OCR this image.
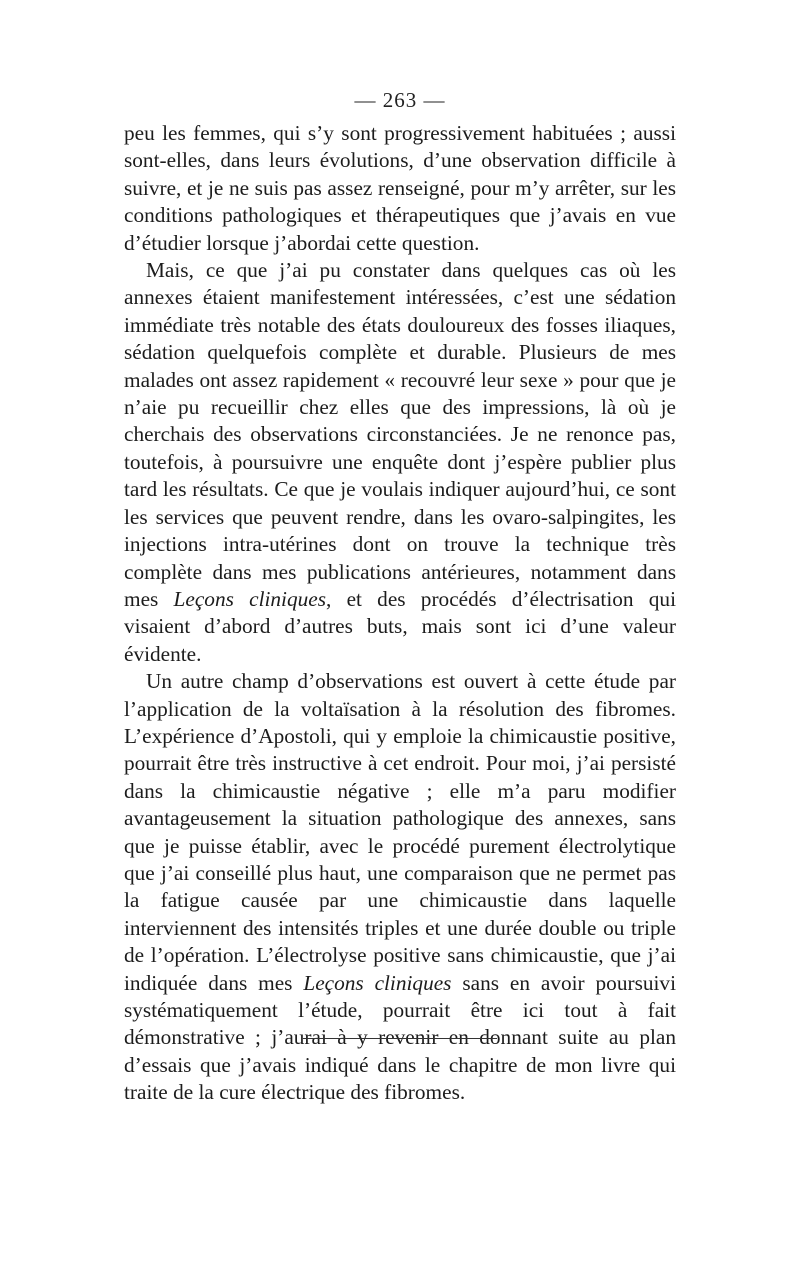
— 263 —

peu les femmes, qui s’y sont progressivement habituées ; aussi sont-elles, dans leurs évolutions, d’une observation difficile à suivre, et je ne suis pas assez renseigné, pour m’y arrêter, sur les conditions pathologiques et thérapeutiques que j’avais en vue d’étudier lorsque j’abordai cette question.

Mais, ce que j’ai pu constater dans quelques cas où les annexes étaient manifestement intéressées, c’est une sédation immédiate très notable des états douloureux des fosses iliaques, sédation quelquefois complète et durable. Plusieurs de mes malades ont assez rapidement « recouvré leur sexe » pour que je n’aie pu recueillir chez elles que des impressions, là où je cherchais des observations circonstanciées. Je ne renonce pas, toutefois, à poursuivre une enquête dont j’espère publier plus tard les résultats. Ce que je voulais indiquer aujourd’hui, ce sont les services que peuvent rendre, dans les ovaro-salpingites, les injections intra-utérines dont on trouve la technique très complète dans mes publications antérieures, notamment dans mes Leçons cliniques, et des procédés d’électrisation qui visaient d’abord d’autres buts, mais sont ici d’une valeur évidente.

Un autre champ d’observations est ouvert à cette étude par l’application de la voltaïsation à la résolution des fibromes. L’expérience d’Apostoli, qui y emploie la chimicaustie positive, pourrait être très instructive à cet endroit. Pour moi, j’ai persisté dans la chimicaustie négative ; elle m’a paru modifier avantageusement la situation pathologique des annexes, sans que je puisse établir, avec le procédé purement électrolytique que j’ai conseillé plus haut, une comparaison que ne permet pas la fatigue causée par une chimicaustie dans laquelle interviennent des intensités triples et une durée double ou triple de l’opération. L’électrolyse positive sans chimicaustie, que j’ai indiquée dans mes Leçons cliniques sans en avoir poursuivi systématiquement l’étude, pourrait être ici tout à fait démonstrative ; j’aurai à y revenir en donnant suite au plan d’essais que j’avais indiqué dans le chapitre de mon livre qui traite de la cure électrique des fibromes.
